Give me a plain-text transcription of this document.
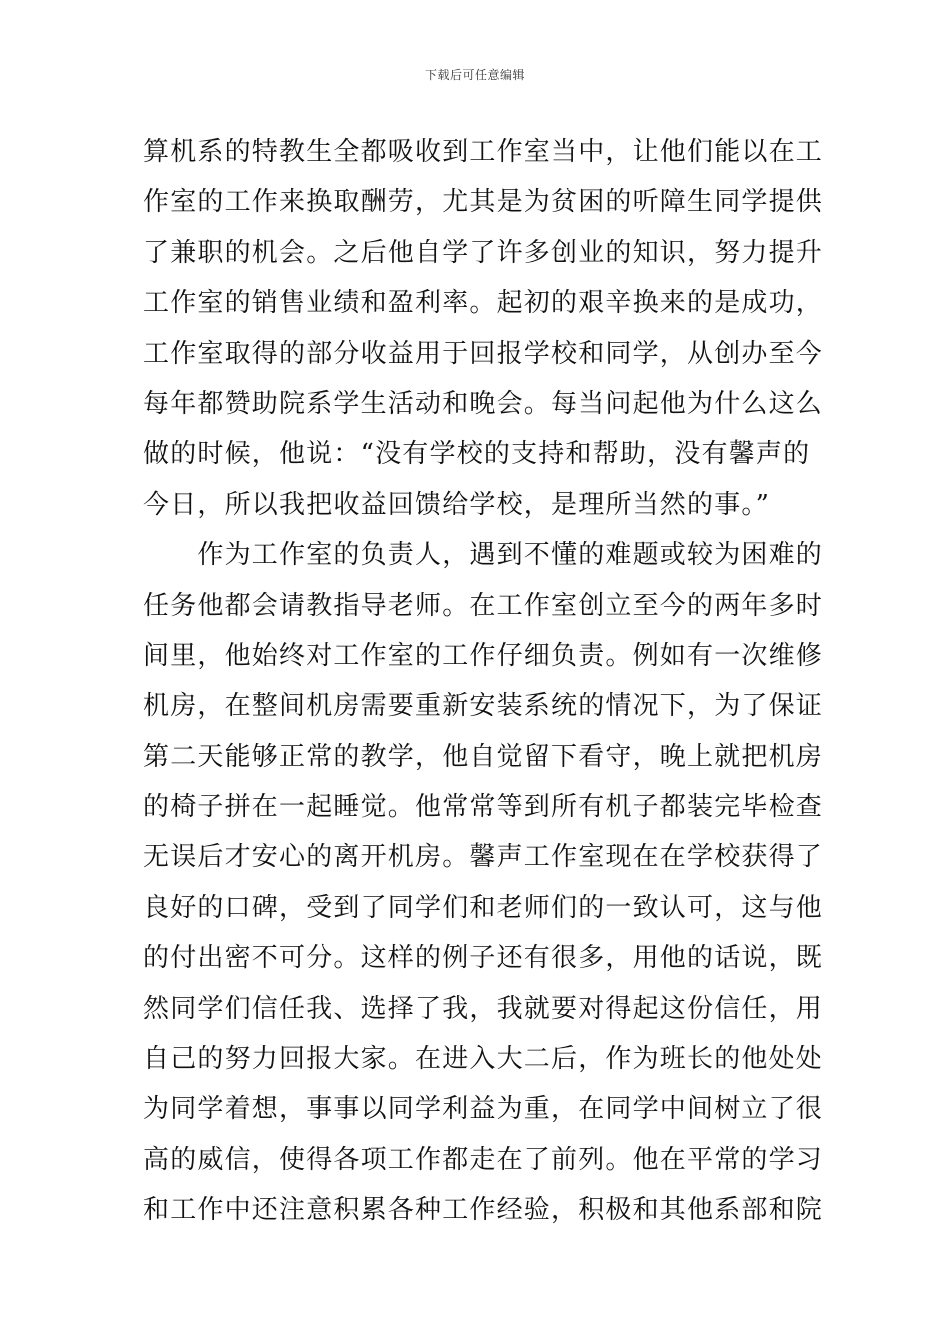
下载后可任意编辑
算机系的特教生全都吸收到工作室当中，让他们能以在工
作室的工作来换取酬劳，尤其是为贫困的听障生同学提供
了兼职的机会。之后他自学了许多创业的知识，努力提升
工作室的销售业绩和盈利率。起初的艰辛换来的是成功，
工作室取得的部分收益用于回报学校和同学，从创办至今
每年都赞助院系学生活动和晚会。每当问起他为什么这么
做的时候，他说：“没有学校的支持和帮助，没有馨声的
今日，所以我把收益回馈给学校，是理所当然的事。”
　　作为工作室的负责人，遇到不懂的难题或较为困难的
任务他都会请教指导老师。在工作室创立至今的两年多时
间里，他始终对工作室的工作仔细负责。例如有一次维修
机房，在整间机房需要重新安装系统的情况下，为了保证
第二天能够正常的教学，他自觉留下看守，晚上就把机房
的椅子拼在一起睡觉。他常常等到所有机子都装完毕检查
无误后才安心的离开机房。馨声工作室现在在学校获得了
良好的口碑，受到了同学们和老师们的一致认可，这与他
的付出密不可分。这样的例子还有很多，用他的话说，既
然同学们信任我、选择了我，我就要对得起这份信任，用
自己的努力回报大家。在进入大二后，作为班长的他处处
为同学着想，事事以同学利益为重，在同学中间树立了很
高的威信，使得各项工作都走在了前列。他在平常的学习
和工作中还注意积累各种工作经验，积极和其他系部和院
